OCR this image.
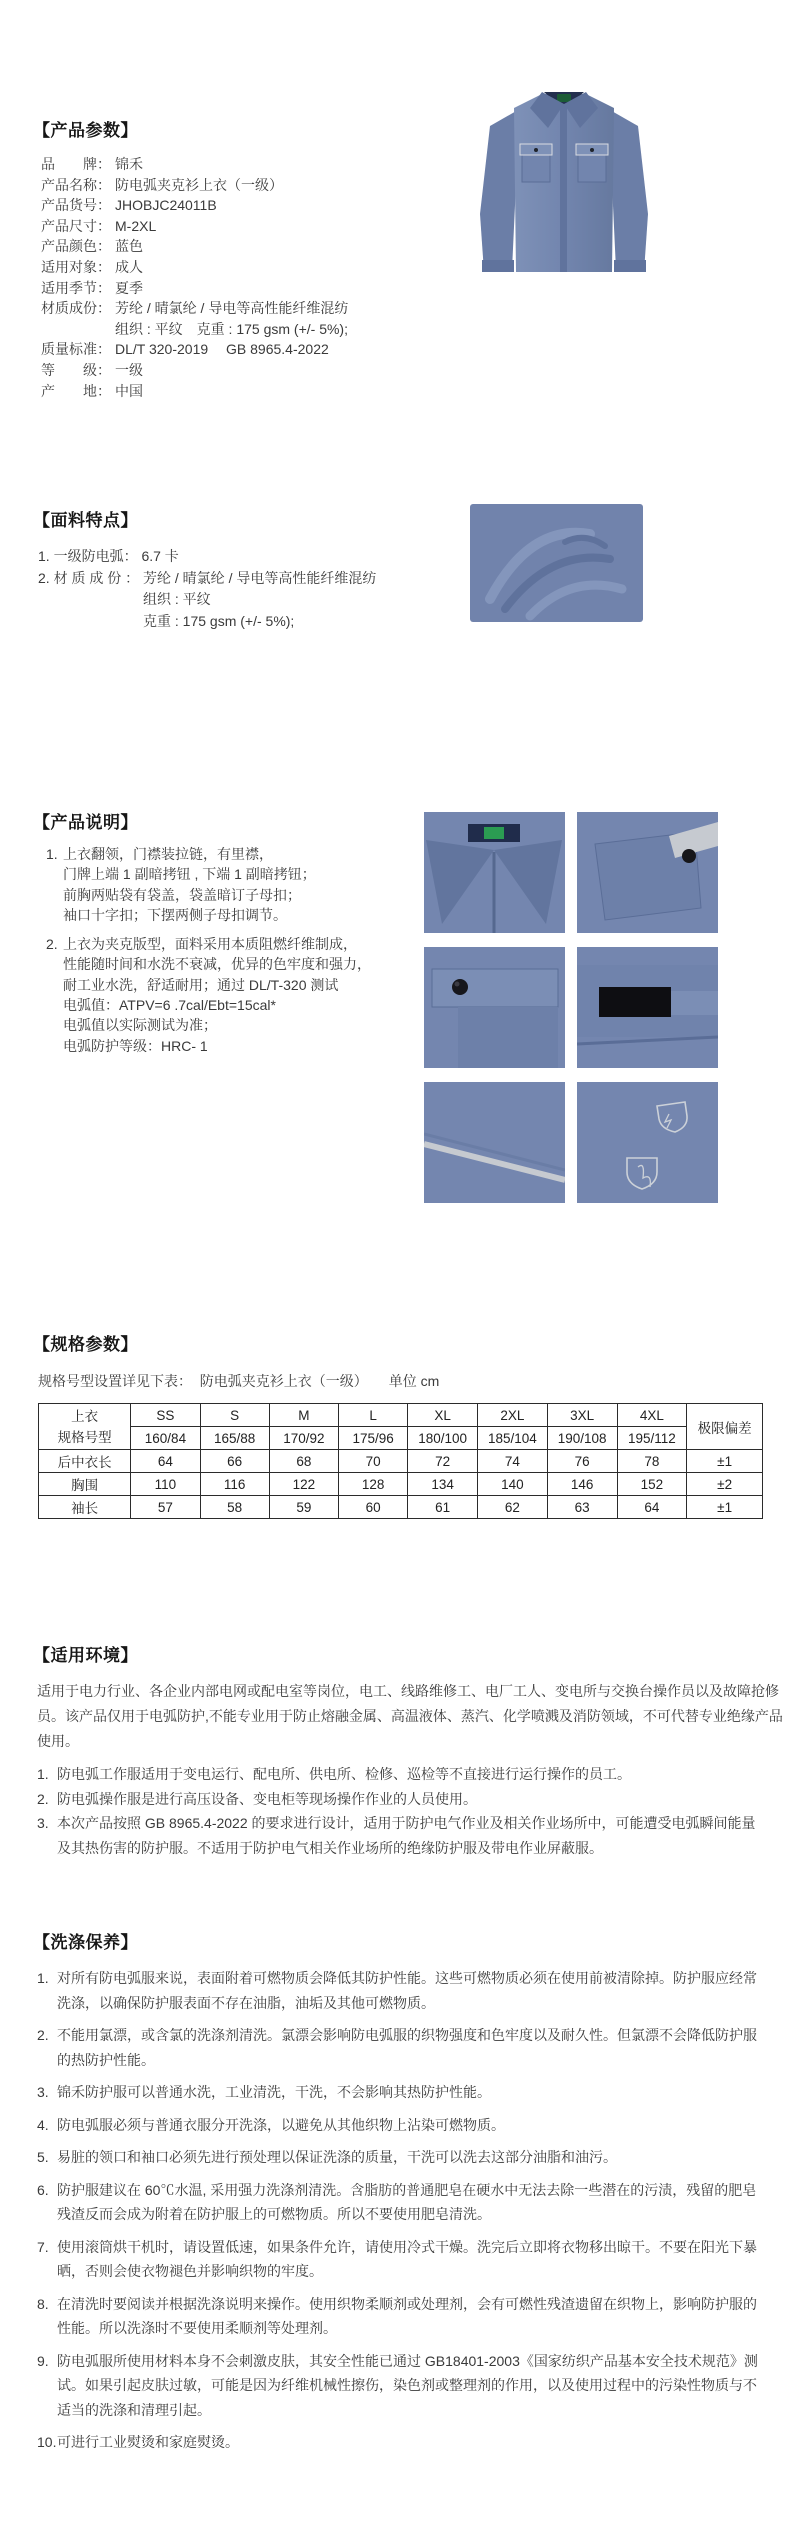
【产品参数】
品　　牌： 锦禾
产品名称： 防电弧夹克衫上衣（一级）
产品货号： JHOBJC24011B
产品尺寸： M-2XL
产品颜色： 蓝色
适用对象： 成人
适用季节： 夏季
材质成份： 芳纶 / 晴氯纶 / 导电等高性能纤维混纺
组织 : 平纹　克重 : 175 gsm (+/- 5%);
质量标准： DL/T 320-2019　 GB 8965.4-2022
等　　级： 一级
产　　地： 中国
【面料特点】
1. 一级防电弧： 6.7 卡
2. 材 质 成 份 ： 芳纶 / 晴氯纶 / 导电等高性能纤维混纺
组织 : 平纹
克重 : 175 gsm (+/- 5%);
【产品说明】
1. 上衣翻领，门襟装拉链，有里襟，
门牌上端 1 副暗拷钮 , 下端 1 副暗拷钮；
前胸两贴袋有袋盖，袋盖暗订子母扣；
袖口十字扣；下摆两侧子母扣调节。
2. 上衣为夹克版型，面料采用本质阻燃纤维制成，
性能随时间和水洗不衰减，优异的色牢度和强力，
耐工业水洗，舒适耐用；通过 DL/T-320 测试
电弧值：ATPV=6 .7cal/Ebt=15cal*
电弧值以实际测试为准；
电弧防护等级：HRC- 1
【规格参数】
规格号型设置详见下表：  防电弧夹克衫上衣（一级）　　单位 cm
上衣
规格号型	SS	S	M	L	XL	2XL	3XL	4XL	极限偏差
	160/84	165/88	170/92	175/96	180/100	185/104	190/108	195/112	
后中衣长	64	66	68	70	72	74	76	78	±1
胸围	110	116	122	128	134	140	146	152	±2
袖长	57	58	59	60	61	62	63	64	±1
【适用环境】
适用于电力行业、各企业内部电网或配电室等岗位，电工、线路维修工、电厂工人、变电所与交换台操作员以及故障抢修员。该产品仅用于电弧防护,不能专业用于防止熔融金属、高温液体、蒸汽、化学喷溅及消防领域，不可代替专业绝缘产品使用。
1. 防电弧工作服适用于变电运行、配电所、供电所、检修、巡检等不直接进行运行操作的员工。
2. 防电弧操作服是进行高压设备、变电柜等现场操作作业的人员使用。
3. 本次产品按照 GB 8965.4-2022 的要求进行设计，适用于防护电气作业及相关作业场所中，可能遭受电弧瞬间能量及其热伤害的防护服。不适用于防护电气相关作业场所的绝缘防护服及带电作业屏蔽服。
【洗涤保养】
1. 对所有防电弧服来说，表面附着可燃物质会降低其防护性能。这些可燃物质必须在使用前被清除掉。防护服应经常洗涤，以确保防护服表面不存在油脂，油垢及其他可燃物质。
2. 不能用氯漂，或含氯的洗涤剂清洗。氯漂会影响防电弧服的织物强度和色牢度以及耐久性。但氯漂不会降低防护服的热防护性能。
3. 锦禾防护服可以普通水洗，工业清洗，干洗，不会影响其热防护性能。
4. 防电弧服必须与普通衣服分开洗涤，以避免从其他织物上沾染可燃物质。
5. 易脏的领口和袖口必须先进行预处理以保证洗涤的质量，干洗可以洗去这部分油脂和油污。
6. 防护服建议在 60℃水温, 采用强力洗涤剂清洗。含脂肪的普通肥皂在硬水中无法去除一些潜在的污渍，残留的肥皂残渣反而会成为附着在防护服上的可燃物质。所以不要使用肥皂清洗。
7. 使用滚筒烘干机时，请设置低速，如果条件允许，请使用冷式干燥。洗完后立即将衣物移出晾干。不要在阳光下暴晒，否则会使衣物褪色并影响织物的牢度。
8. 在清洗时要阅读并根据洗涤说明来操作。使用织物柔顺剂或处理剂，会有可燃性残渣遗留在织物上，影响防护服的性能。所以洗涤时不要使用柔顺剂等处理剂。
9. 防电弧服所使用材料本身不会刺激皮肤，其安全性能已通过 GB18401-2003《国家纺织产品基本安全技术规范》测试。如果引起皮肤过敏，可能是因为纤维机械性擦伤，染色剂或整理剂的作用，以及使用过程中的污染性物质与不适当的洗涤和清理引起。
10. 可进行工业熨烫和家庭熨烫。
